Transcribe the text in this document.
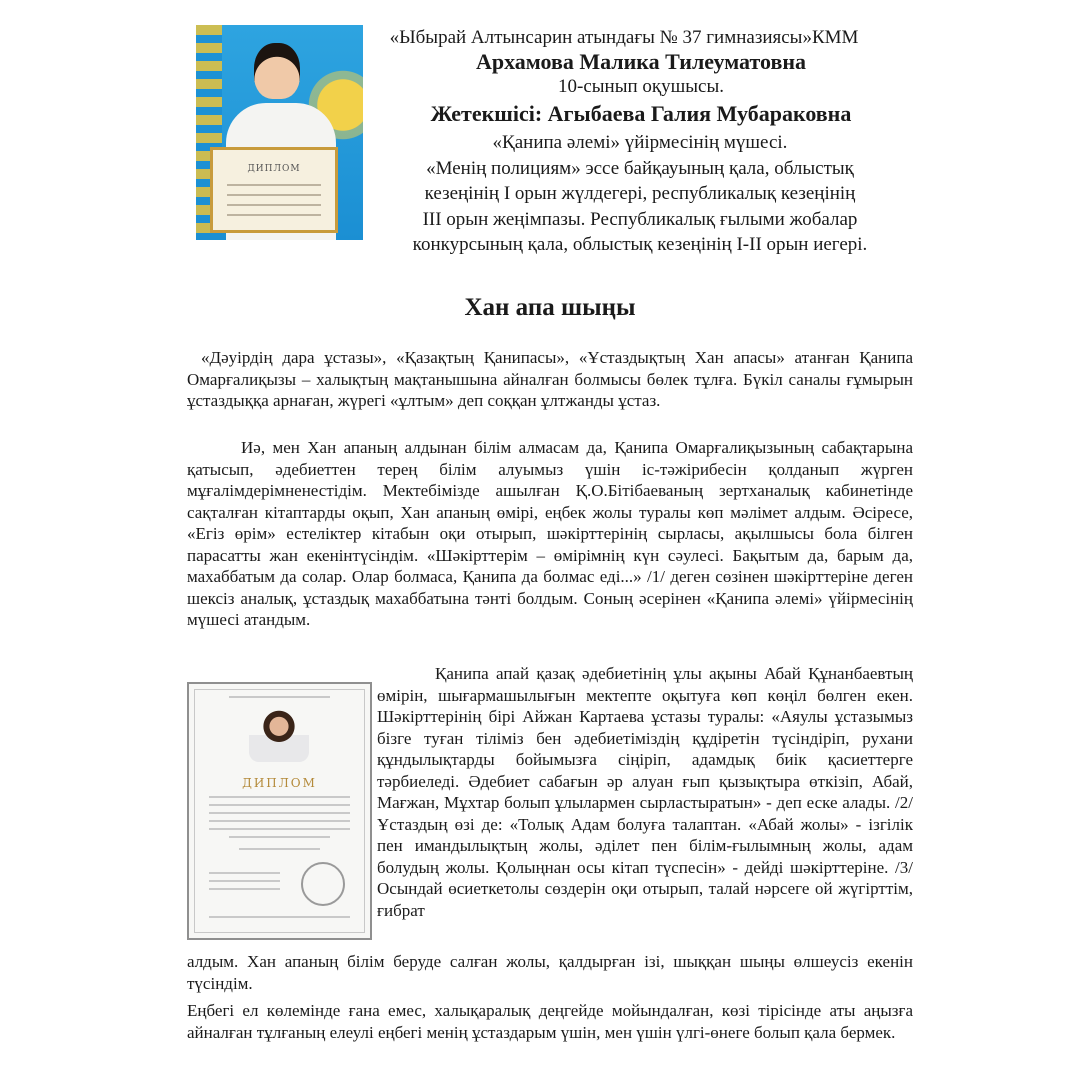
ДИПЛОМ
«Ыбырай Алтынсарин атындағы № 37 гимназиясы»КММ
Архамова Малика Тилеуматовна
10-сынып оқушысы.
Жетекшісі: Агыбаева Галия Мубараковна
«Қанипа әлемі» үйірмесінің мүшесі.
«Менің полициям» эссе байқауының қала, облыстық
кезеңінің І орын жүлдегері, республикалық кезеңінің
ІІІ орын жеңімпазы. Республикалық ғылыми жобалар
конкурсының қала, облыстық кезеңінің І-ІІ орын иегері.
Хан апа шыңы

«Дәуірдің дара ұстазы», «Қазақтың Қанипасы», «Ұстаздықтың Хан апасы» атанған Қанипа Омарғалиқызы – халықтың мақтанышына айналған болмысы бөлек тұлға. Бүкіл саналы ғұмырын ұстаздыққа арнаған, жүрегі «ұлтым» деп соққан ұлтжанды ұстаз.

Иә, мен Хан апаның алдынан білім алмасам да, Қанипа Омарғалиқызының сабақтарына қатысып, әдебиеттен терең білім алуымыз үшін іс-тәжірибесін қолданып жүрген мұғалімдерімненестідім. Мектебімізде ашылған Қ.О.Бітібаеваның зертханалық кабинетінде сақталған кітаптарды оқып, Хан апаның өмірі, еңбек жолы туралы көп мәлімет алдым. Әсіресе, «Егіз өрім» естеліктер кітабын оқи отырып, шәкірттерінің сырласы, ақылшысы бола білген парасатты жан екенінтүсіндім. «Шәкірттерім – өмірімнің күн сәулесі. Бақытым да, барым да, махаббатым да солар. Олар болмаса, Қанипа да болмас еді...» /1/ деген сөзінен шәкірттеріне деген шексіз аналық, ұстаздық махаббатына тәнті болдым. Соның әсерінен «Қанипа әлемі» үйірмесінің мүшесі атандым.

ДИПЛОМ

Қанипа апай қазақ әдебиетінің ұлы ақыны Абай Құнанбаевтың өмірін, шығармашылығын мектепте оқытуға көп көңіл бөлген екен. Шәкірттерінің бірі Айжан Картаева ұстазы туралы: «Аяулы ұстазымыз бізге туған тіліміз бен әдебиетіміздің құдіретін түсіндіріп, рухани құндылықтарды бойымызға сіңіріп, адамдық биік қасиеттерге тәрбиеледі. Әдебиет сабағын әр алуан ғып қызықтыра өткізіп, Абай, Мағжан, Мұхтар болып ұлылармен сырластыратын» - деп еске алады. /2/Ұстаздың өзі де: «Толық Адам болуға талаптан. «Абай жолы» - ізгілік пен имандылықтың жолы, әділет пен білім-ғылымның жолы, адам болудың жолы. Қолыңнан осы кітап түспесін» - дейді шәкірттеріне. /3/ Осындай өсиеткетолы сөздерін оқи отырып, талай нәрсеге ой жүгірттім, ғибрат

алдым. Хан апаның білім беруде салған жолы, қалдырған ізі, шыққан шыңы өлшеусіз екенін түсіндім.

Еңбегі ел көлемінде ғана емес, халықаралық деңгейде мойындалған, көзі тірісінде аты аңызға айналған тұлғаның елеулі еңбегі менің ұстаздарым үшін, мен үшін үлгі-өнеге болып қала бермек.
